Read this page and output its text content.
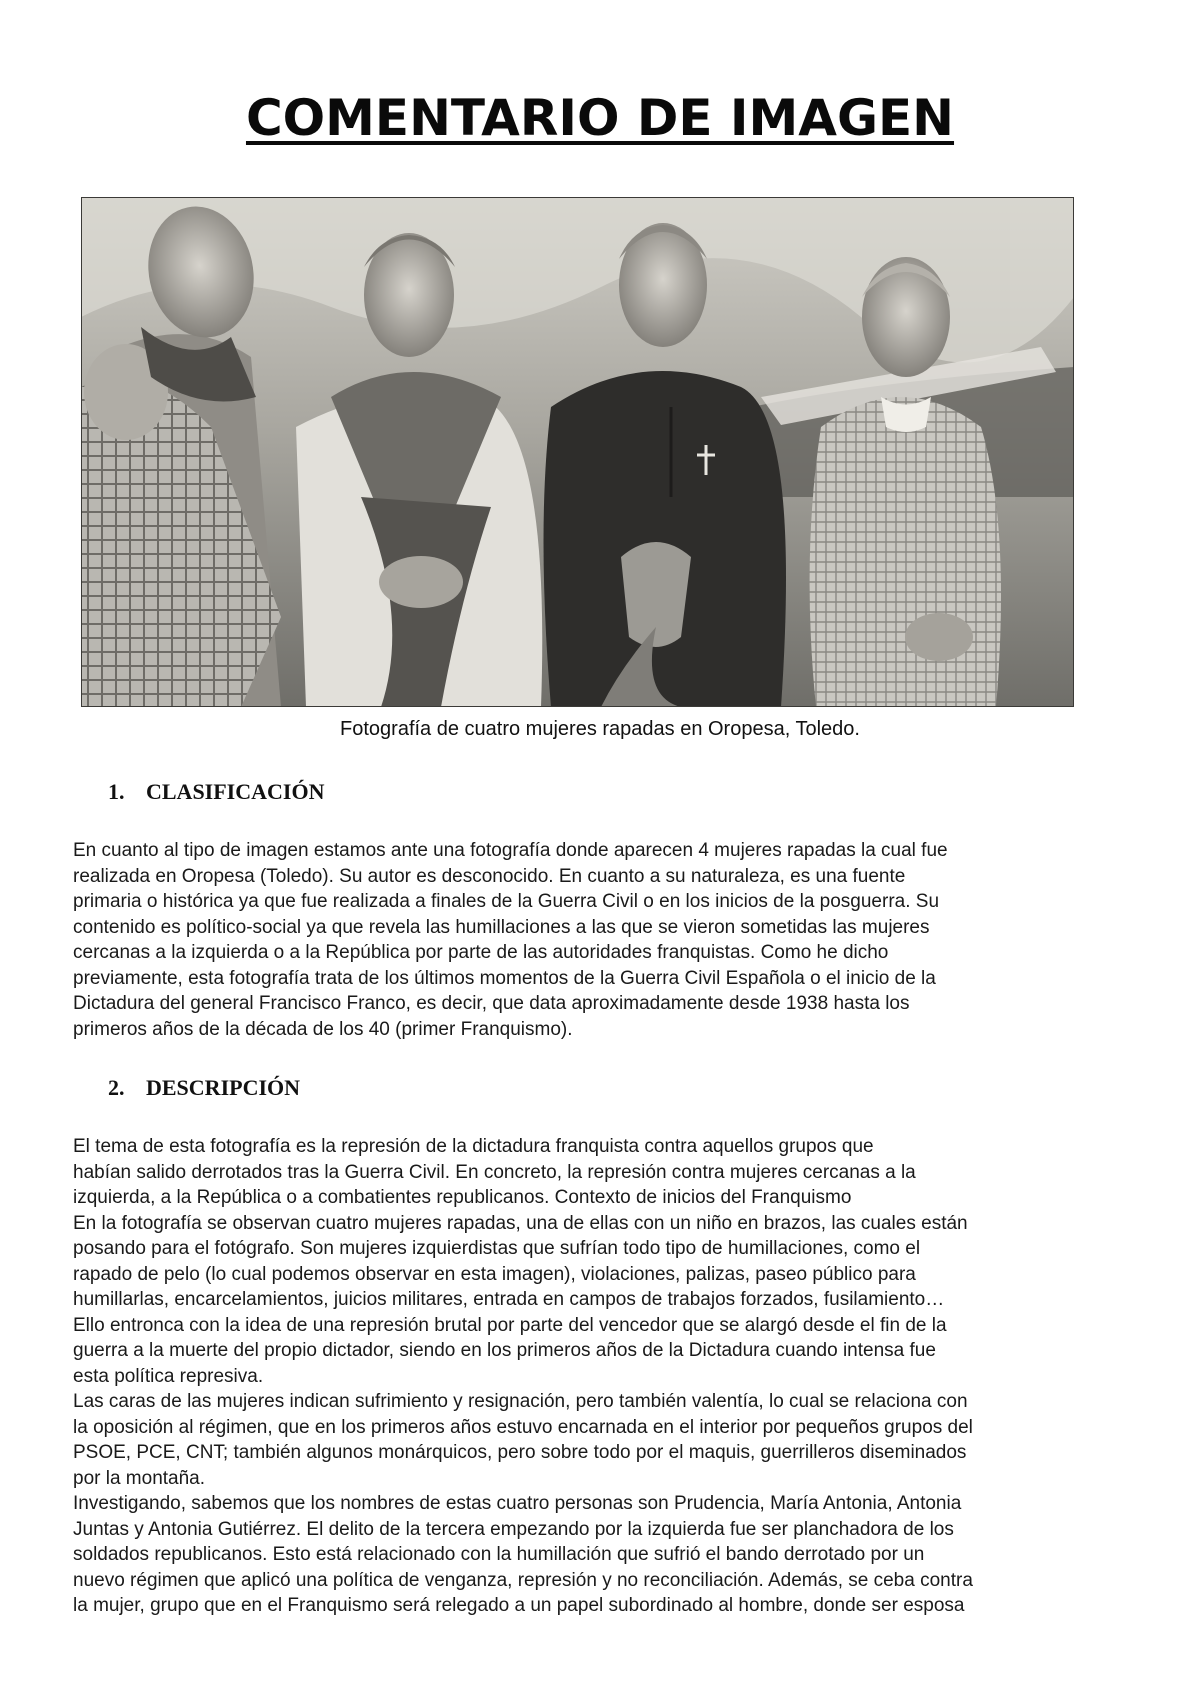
COMENTARIO DE IMAGEN

Fotografía de cuatro mujeres rapadas en Oropesa, Toledo.

1. CLASIFICACIÓN
En cuanto al tipo de imagen estamos ante una fotografía donde aparecen 4 mujeres rapadas la cual fue
realizada en Oropesa (Toledo). Su autor es desconocido. En cuanto a su naturaleza, es una fuente
primaria o histórica ya que fue realizada a finales de la Guerra Civil o en los inicios de la posguerra. Su
contenido es político-social ya que revela las humillaciones a las que se vieron sometidas las mujeres
cercanas a la izquierda o a la República por parte de las autoridades franquistas. Como he dicho
previamente, esta fotografía trata de los últimos momentos de la Guerra Civil Española o el inicio de la
Dictadura del general Francisco Franco, es decir, que data aproximadamente desde 1938 hasta los
primeros años de la década de los 40 (primer Franquismo).
2. DESCRIPCIÓN
El tema de esta fotografía es la represión de la dictadura franquista contra aquellos grupos que
habían salido derrotados tras la Guerra Civil. En concreto, la represión contra mujeres cercanas a la
izquierda, a la República o a combatientes republicanos. Contexto de inicios del Franquismo
En la fotografía se observan cuatro mujeres rapadas, una de ellas con un niño en brazos, las cuales están
posando para el fotógrafo. Son mujeres izquierdistas que sufrían todo tipo de humillaciones, como el
rapado de pelo (lo cual podemos observar en esta imagen), violaciones, palizas, paseo público para
humillarlas, encarcelamientos, juicios militares, entrada en campos de trabajos forzados, fusilamiento…
Ello entronca con la idea de una represión brutal por parte del vencedor que se alargó desde el fin de la
guerra a la muerte del propio dictador, siendo en los primeros años de la Dictadura cuando intensa fue
esta política represiva.
Las caras de las mujeres indican sufrimiento y resignación, pero también valentía, lo cual se relaciona con
la oposición al régimen, que en los primeros años estuvo encarnada en el interior por pequeños grupos del
PSOE, PCE, CNT; también algunos monárquicos, pero sobre todo por el maquis, guerrilleros diseminados
por la montaña.
Investigando, sabemos que los nombres de estas cuatro personas son Prudencia, María Antonia, Antonia
Juntas y Antonia Gutiérrez. El delito de la tercera empezando por la izquierda fue ser planchadora de los
soldados republicanos. Esto está relacionado con la humillación que sufrió el bando derrotado por un
nuevo régimen que aplicó una política de venganza, represión y no reconciliación. Además, se ceba contra
la mujer, grupo que en el Franquismo será relegado a un papel subordinado al hombre, donde ser esposa
